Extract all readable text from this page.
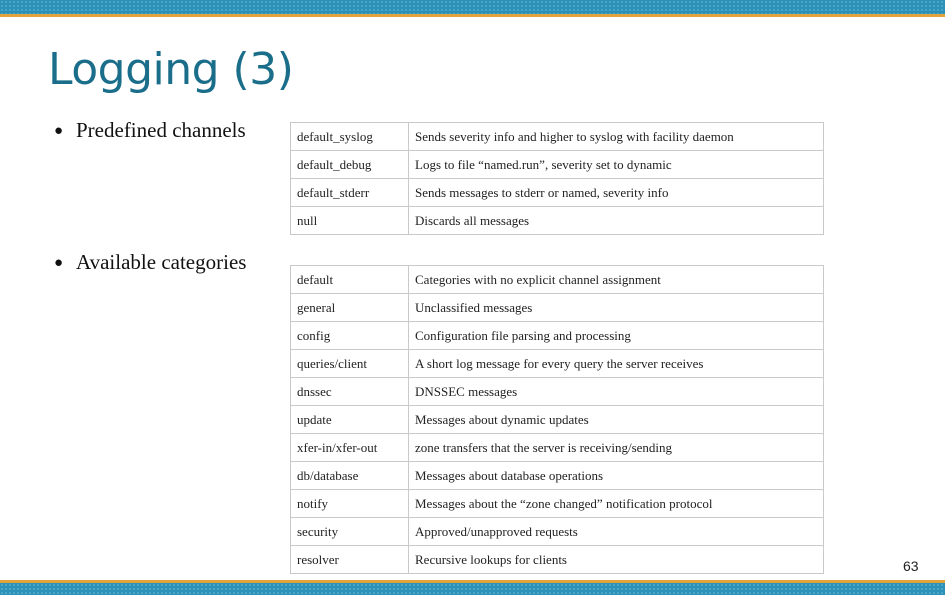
Logging (3)
● Predefined channels
● Available categories
default_syslog	Sends severity info and higher to syslog with facility daemon
default_debug	Logs to file “named.run”, severity set to dynamic
default_stderr	Sends messages to stderr or named, severity info
null	Discards all messages
default	Categories with no explicit channel assignment
general	Unclassified messages
config	Configuration file parsing and processing
queries/client	A short log message for every query the server receives
dnssec	DNSSEC messages
update	Messages about dynamic updates
xfer-in/xfer-out	zone transfers that the server is receiving/sending
db/database	Messages about database operations
notify	Messages about the “zone changed” notification protocol
security	Approved/unapproved requests
resolver	Recursive lookups for clients	63
